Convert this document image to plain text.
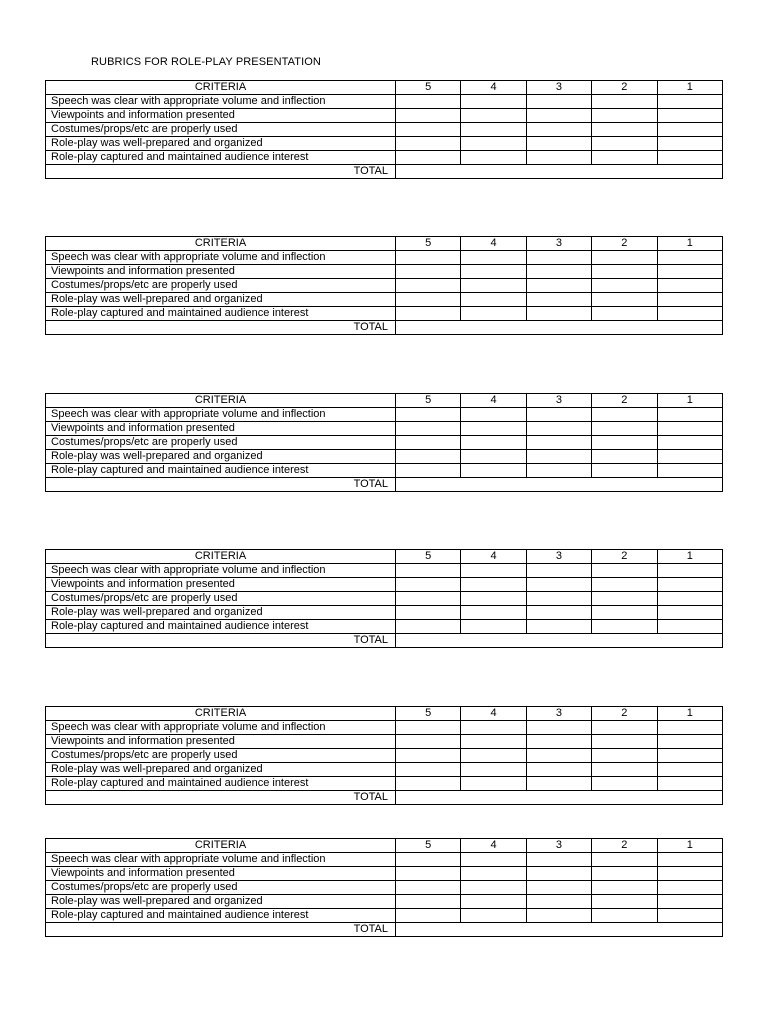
RUBRICS FOR ROLE-PLAY PRESENTATION
CRITERIA	5	4	3	2	1
Speech was clear with appropriate volume and inflection					
Viewpoints and information presented					
Costumes/props/etc are properly used					
Role-play was well-prepared and organized					
Role-play captured and maintained audience interest					
TOTAL					
CRITERIA	5	4	3	2	1
Speech was clear with appropriate volume and inflection					
Viewpoints and information presented					
Costumes/props/etc are properly used					
Role-play was well-prepared and organized					
Role-play captured and maintained audience interest					
TOTAL					
CRITERIA	5	4	3	2	1
Speech was clear with appropriate volume and inflection					
Viewpoints and information presented					
Costumes/props/etc are properly used					
Role-play was well-prepared and organized					
Role-play captured and maintained audience interest					
TOTAL					
CRITERIA	5	4	3	2	1
Speech was clear with appropriate volume and inflection					
Viewpoints and information presented					
Costumes/props/etc are properly used					
Role-play was well-prepared and organized					
Role-play captured and maintained audience interest					
TOTAL					
CRITERIA	5	4	3	2	1
Speech was clear with appropriate volume and inflection					
Viewpoints and information presented					
Costumes/props/etc are properly used					
Role-play was well-prepared and organized					
Role-play captured and maintained audience interest					
TOTAL					
CRITERIA	5	4	3	2	1
Speech was clear with appropriate volume and inflection					
Viewpoints and information presented					
Costumes/props/etc are properly used					
Role-play was well-prepared and organized					
Role-play captured and maintained audience interest					
TOTAL					
